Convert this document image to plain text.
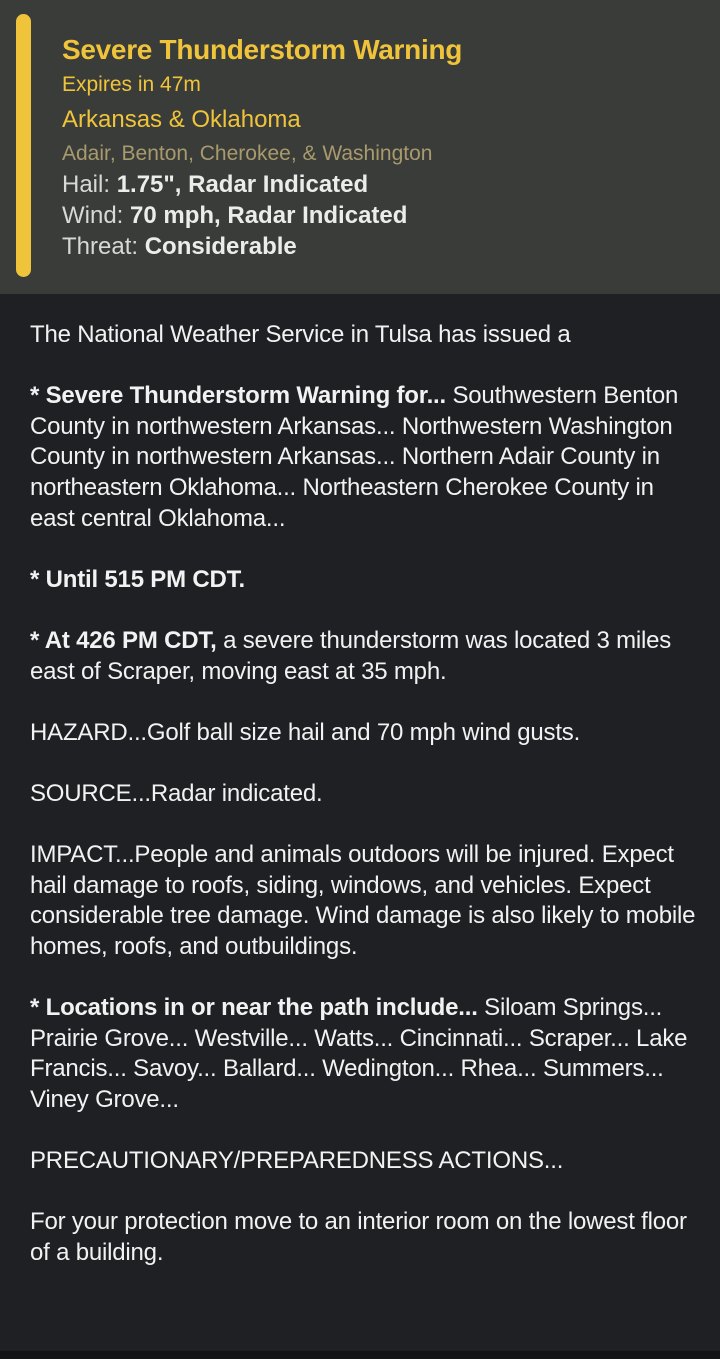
Severe Thunderstorm Warning
Expires in 47m
Arkansas & Oklahoma
Adair, Benton, Cherokee, & Washington
Hail: 1.75", Radar Indicated
Wind: 70 mph, Radar Indicated
Threat: Considerable
The National Weather Service in Tulsa has issued a
* Severe Thunderstorm Warning for... Southwestern Benton County in northwestern Arkansas... Northwestern Washington County in northwestern Arkansas... Northern Adair County in northeastern Oklahoma... Northeastern Cherokee County in east central Oklahoma...
* Until 515 PM CDT.
* At 426 PM CDT, a severe thunderstorm was located 3 miles east of Scraper, moving east at 35 mph.
HAZARD...Golf ball size hail and 70 mph wind gusts.
SOURCE...Radar indicated.
IMPACT...People and animals outdoors will be injured. Expect hail damage to roofs, siding, windows, and vehicles. Expect considerable tree damage. Wind damage is also likely to mobile homes, roofs, and outbuildings.
* Locations in or near the path include... Siloam Springs... Prairie Grove... Westville... Watts... Cincinnati... Scraper... Lake Francis... Savoy... Ballard... Wedington... Rhea... Summers... Viney Grove...
PRECAUTIONARY/PREPAREDNESS ACTIONS...
For your protection move to an interior room on the lowest floor of a building.
